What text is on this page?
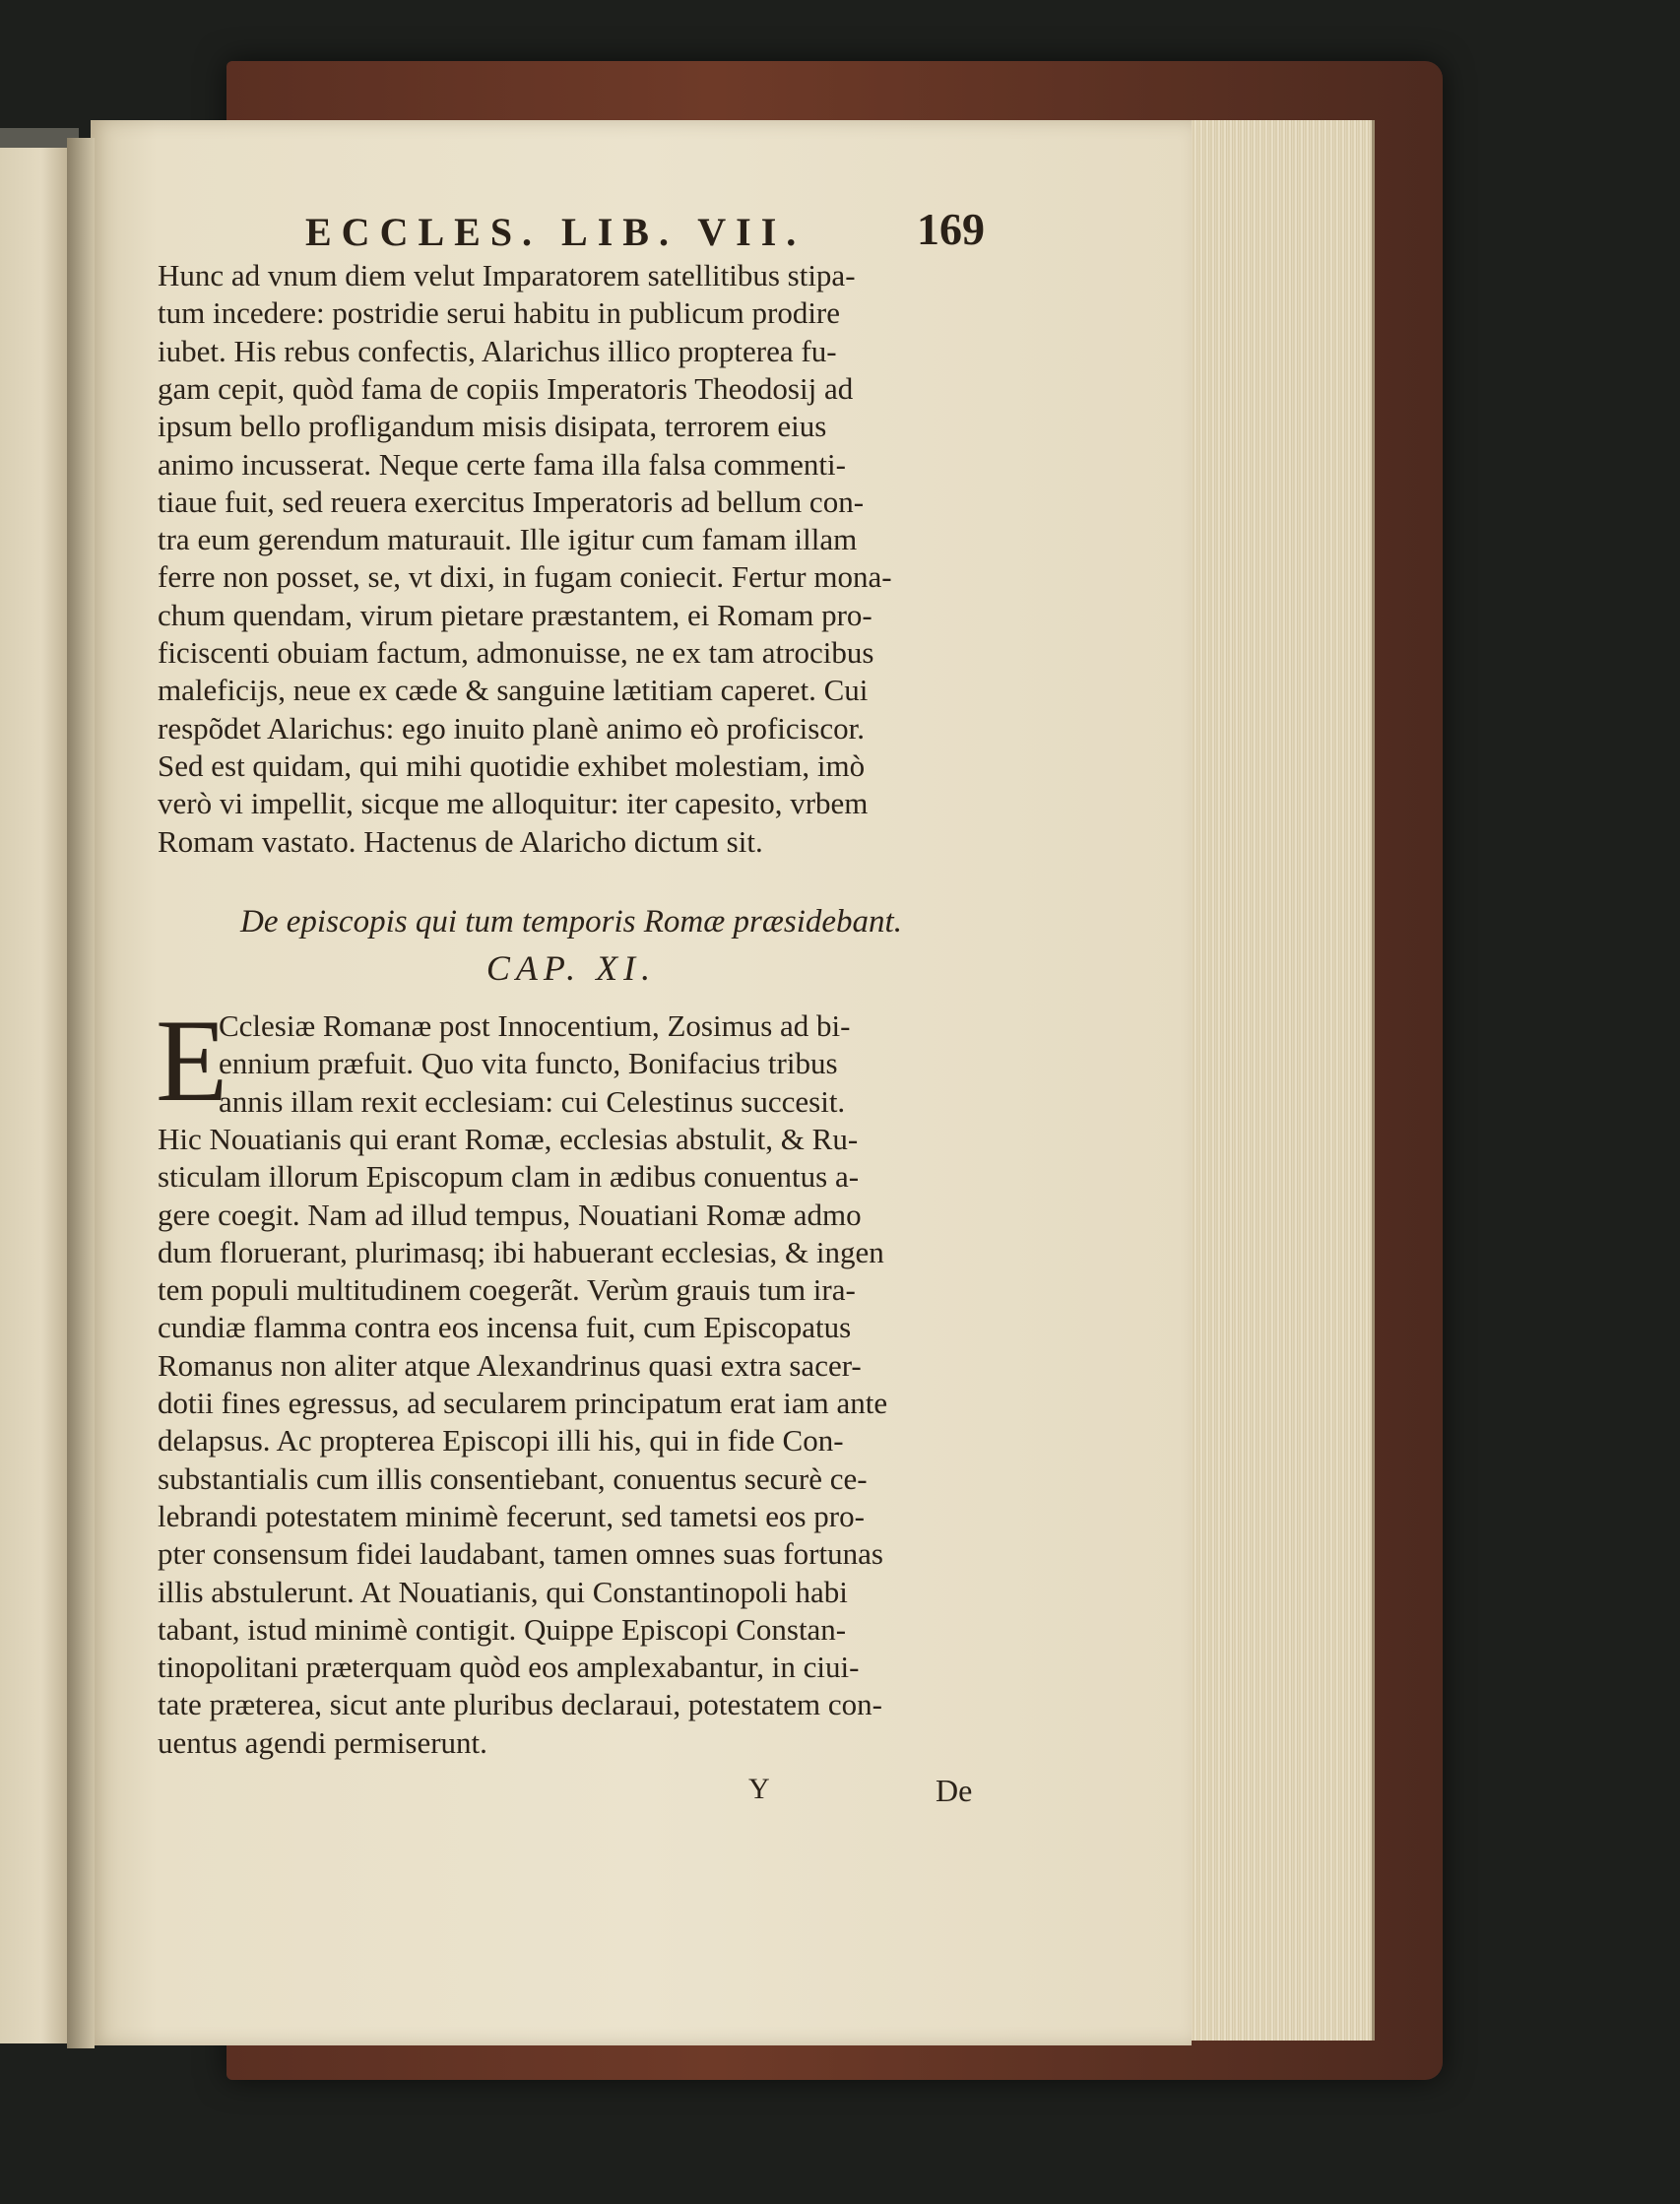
ECCLES. LIB. VII. 169
Hunc ad vnum diem velut Imparatorem satellitibus stipa-
tum incedere: postridie serui habitu in publicum prodire
iubet. His rebus confectis, Alarichus illico propterea fu-
gam cepit, quòd fama de copiis Imperatoris Theodosij ad
ipsum bello profligandum misis disipata, terrorem eius
animo incusserat. Neque certe fama illa falsa commenti-
tiaue fuit, sed reuera exercitus Imperatoris ad bellum con-
tra eum gerendum maturauit. Ille igitur cum famam illam
ferre non posset, se, vt dixi, in fugam coniecit. Fertur mona-
chum quendam, virum pietare præstantem, ei Romam pro-
ficiscenti obuiam factum, admonuisse, ne ex tam atrocibus
maleficijs, neue ex cæde & sanguine lætitiam caperet. Cui
respõdet Alarichus: ego inuito planè animo eò proficiscor.
Sed est quidam, qui mihi quotidie exhibet molestiam, imò
verò vi impellit, sicque me alloquitur: iter capesito, vrbem
Romam vastato. Hactenus de Alaricho dictum sit.
De episcopis qui tum temporis Romæ præsidebant.
CAP. XI.
E
Cclesiæ Romanæ post Innocentium, Zosimus ad bi-
ennium præfuit. Quo vita functo, Bonifacius tribus
annis illam rexit ecclesiam: cui Celestinus succesit.
Hic Nouatianis qui erant Romæ, ecclesias abstulit, & Ru-
sticulam illorum Episcopum clam in ædibus conuentus a-
gere coegit. Nam ad illud tempus, Nouatiani Romæ admo
dum floruerant, plurimasq; ibi habuerant ecclesias, & ingen
tem populi multitudinem coegerãt. Verùm grauis tum ira-
cundiæ flamma contra eos incensa fuit, cum Episcopatus
Romanus non aliter atque Alexandrinus quasi extra sacer-
dotii fines egressus, ad secularem principatum erat iam ante
delapsus. Ac propterea Episcopi illi his, qui in fide Con-
substantialis cum illis consentiebant, conuentus securè ce-
lebrandi potestatem minimè fecerunt, sed tametsi eos pro-
pter consensum fidei laudabant, tamen omnes suas fortunas
illis abstulerunt. At Nouatianis, qui Constantinopoli habi
tabant, istud minimè contigit. Quippe Episcopi Constan-
tinopolitani præterquam quòd eos amplexabantur, in ciui-
tate præterea, sicut ante pluribus declaraui, potestatem con-
uentus agendi permiserunt.
Y	De
